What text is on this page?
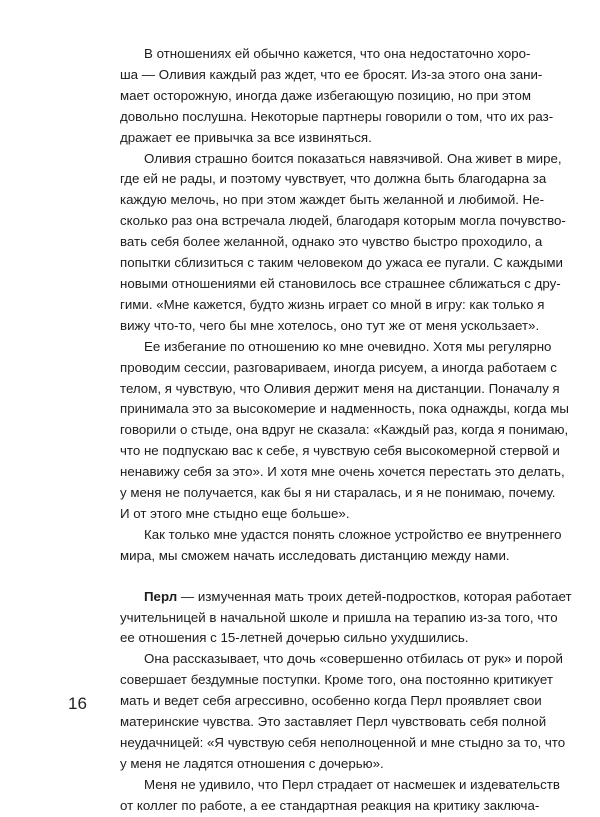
В отношениях ей обычно кажется, что она недостаточно хоро-
ша — Оливия каждый раз ждет, что ее бросят. Из-за этого она зани-
мает осторожную, иногда даже избегающую позицию, но при этом
довольно послушна. Некоторые партнеры говорили о том, что их раз-
дражает ее привычка за все извиняться.

Оливия страшно боится показаться навязчивой. Она живет в мире,
где ей не рады, и поэтому чувствует, что должна быть благодарна за
каждую мелочь, но при этом жаждет быть желанной и любимой. Не-
сколько раз она встречала людей, благодаря которым могла почувство-
вать себя более желанной, однако это чувство быстро проходило, а
попытки сблизиться с таким человеком до ужаса ее пугали. С каждыми
новыми отношениями ей становилось все страшнее сближаться с дру-
гими. «Мне кажется, будто жизнь играет со мной в игру: как только я
вижу что-то, чего бы мне хотелось, оно тут же от меня ускользает».

Ее избегание по отношению ко мне очевидно. Хотя мы регулярно
проводим сессии, разговариваем, иногда рисуем, а иногда работаем с
телом, я чувствую, что Оливия держит меня на дистанции. Поначалу я
принимала это за высокомерие и надменность, пока однажды, когда мы
говорили о стыде, она вдруг не сказала: «Каждый раз, когда я понимаю,
что не подпускаю вас к себе, я чувствую себя высокомерной стервой и
ненавижу себя за это». И хотя мне очень хочется перестать это делать,
у меня не получается, как бы я ни старалась, и я не понимаю, почему.
И от этого мне стыдно еще больше».

Как только мне удастся понять сложное устройство ее внутреннего
мира, мы сможем начать исследовать дистанцию между нами.

Перл — измученная мать троих детей-подростков, которая работает
учительницей в начальной школе и пришла на терапию из-за того, что
ее отношения с 15-летней дочерью сильно ухудшились.

Она рассказывает, что дочь «совершенно отбилась от рук» и порой
совершает бездумные поступки. Кроме того, она постоянно критикует
мать и ведет себя агрессивно, особенно когда Перл проявляет свои
материнские чувства. Это заставляет Перл чувствовать себя полной
неудачницей: «Я чувствую себя неполноценной и мне стыдно за то, что
у меня не ладятся отношения с дочерью».

Меня не удивило, что Перл страдает от насмешек и издевательств
от коллег по работе, а ее стандартная реакция на критику заключа-

16
